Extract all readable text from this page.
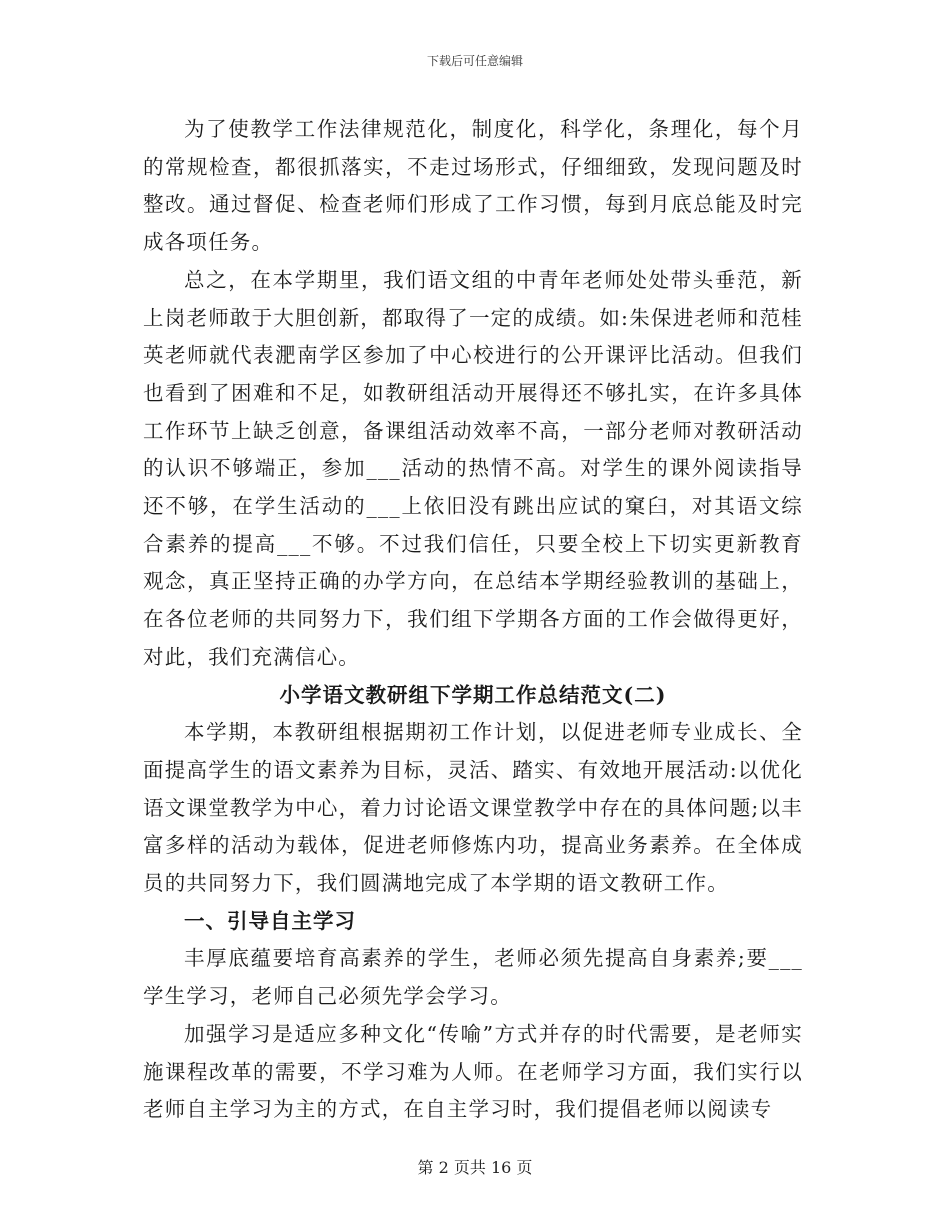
下载后可任意编辑

为了使教学工作法律规范化，制度化，科学化，条理化，每个月的常规检查，都很抓落实，不走过场形式，仔细细致，发现问题及时整改。通过督促、检查老师们形成了工作习惯，每到月底总能及时完成各项任务。

总之，在本学期里，我们语文组的中青年老师处处带头垂范，新上岗老师敢于大胆创新，都取得了一定的成绩。如:朱保进老师和范桂英老师就代表淝南学区参加了中心校进行的公开课评比活动。但我们也看到了困难和不足，如教研组活动开展得还不够扎实，在许多具体工作环节上缺乏创意，备课组活动效率不高，一部分老师对教研活动的认识不够端正，参加___活动的热情不高。对学生的课外阅读指导还不够，在学生活动的___上依旧没有跳出应试的窠臼，对其语文综合素养的提高___不够。不过我们信任，只要全校上下切实更新教育观念，真正坚持正确的办学方向，在总结本学期经验教训的基础上，在各位老师的共同努力下，我们组下学期各方面的工作会做得更好，对此，我们充满信心。

小学语文教研组下学期工作总结范文(二)

本学期，本教研组根据期初工作计划，以促进老师专业成长、全面提高学生的语文素养为目标，灵活、踏实、有效地开展活动:以优化语文课堂教学为中心，着力讨论语文课堂教学中存在的具体问题;以丰富多样的活动为载体，促进老师修炼内功，提高业务素养。在全体成员的共同努力下，我们圆满地完成了本学期的语文教研工作。

一、引导自主学习

丰厚底蕴要培育高素养的学生，老师必须先提高自身素养;要___学生学习，老师自己必须先学会学习。

加强学习是适应多种文化“传喻”方式并存的时代需要，是老师实施课程改革的需要，不学习难为人师。在老师学习方面，我们实行以老师自主学习为主的方式，在自主学习时，我们提倡老师以阅读专

第 2 页共 16 页
